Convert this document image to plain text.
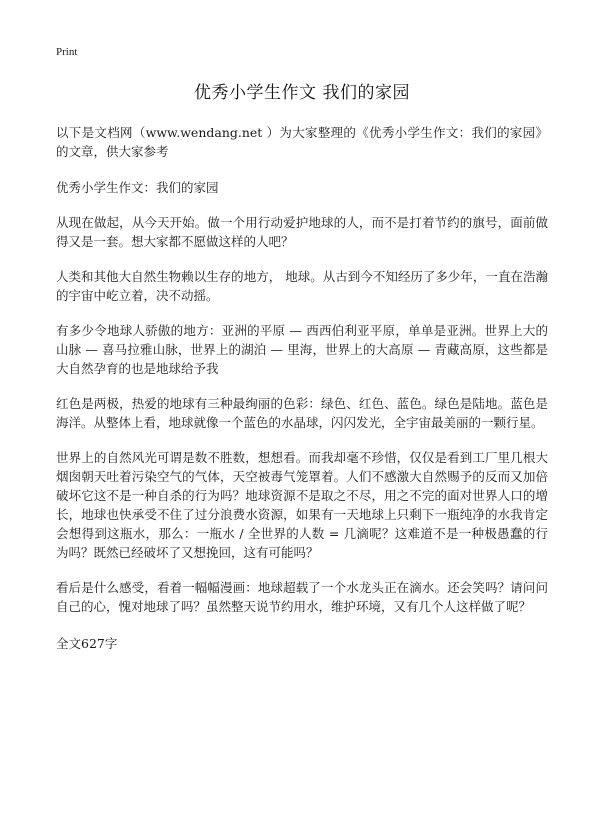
Print
优秀小学生作文 我们的家园

以下是文档网（www.wendang.net ）为大家整理的《优秀小学生作文：我们的家园》的文章，供大家参考

优秀小学生作文：我们的家园

从现在做起，从今天开始。做一个用行动爱护地球的人，而不是打着节约的旗号，面前做得又是一套。想大家都不愿做这样的人吧？

人类和其他大自然生物赖以生存的地方， 地球。从古到今不知经历了多少年，一直在浩瀚的宇宙中屹立着，决不动摇。

有多少令地球人骄傲的地方：亚洲的平原 — 西西伯利亚平原，单单是亚洲。世界上大的山脉 — 喜马拉雅山脉，世界上的湖泊 — 里海，世界上的大高原 — 青藏高原，这些都是大自然孕育的也是地球给予我

红色是两极，热爱的地球有三种最绚丽的色彩：绿色、红色、蓝色。绿色是陆地。蓝色是海洋。从整体上看，地球就像一个蓝色的水晶球，闪闪发光，全宇宙最美丽的一颗行星。

世界上的自然风光可谓是数不胜数，想想看。而我却毫不珍惜，仅仅是看到工厂里几根大烟囱朝天吐着污染空气的气体，天空被毒气笼罩着。人们不感激大自然赐予的反而又加倍破坏它这不是一种自杀的行为吗？地球资源不是取之不尽，用之不完的面对世界人口的增长，地球也快承受不住了过分浪费水资源，如果有一天地球上只剩下一瓶纯净的水我肯定会想得到这瓶水，那么：一瓶水 / 全世界的人数 = 几滴呢？这难道不是一种极愚蠢的行为吗？既然已经破坏了又想挽回，这有可能吗？

看后是什么感受，看着一幅幅漫画：地球超载了一个水龙头正在滴水。还会笑吗？请问问自己的心，愧对地球了吗？虽然整天说节约用水，维护环境，又有几个人这样做了呢？

全文627字
